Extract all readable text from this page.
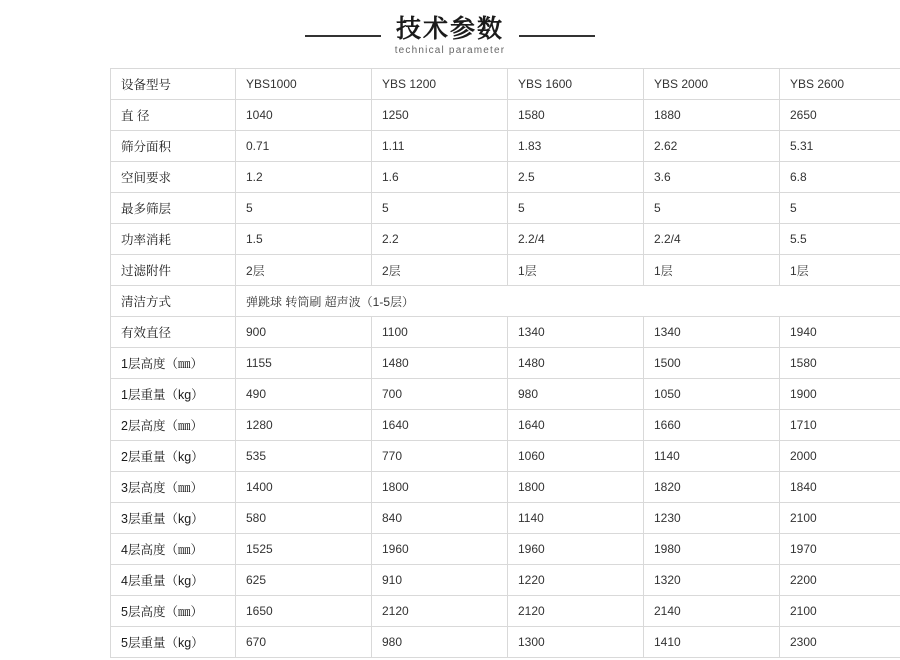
技术参数
technical parameter
设备型号	YBS1000	YBS 1200	YBS 1600	YBS 2000	YBS 2600
直 径	1040	1250	1580	1880	2650
筛分面积	0.71	1.11	1.83	2.62	5.31
空间要求	1.2	1.6	2.5	3.6	6.8
最多筛层	5	5	5	5	5
功率消耗	1.5	2.2	2.2/4	2.2/4	5.5
过滤附件	2层	2层	1层	1层	1层
清洁方式	弹跳球 转筒刷 超声波（1-5层）				
有效直径	900	1100	1340	1340	1940
1层高度（㎜）	1155	1480	1480	1500	1580
1层重量（kg）	490	700	980	1050	1900
2层高度（㎜）	1280	1640	1640	1660	1710
2层重量（kg）	535	770	1060	1140	2000
3层高度（㎜）	1400	1800	1800	1820	1840
3层重量（kg）	580	840	1140	1230	2100
4层高度（㎜）	1525	1960	1960	1980	1970
4层重量（kg）	625	910	1220	1320	2200
5层高度（㎜）	1650	2120	2120	2140	2100
5层重量（kg）	670	980	1300	1410	2300
